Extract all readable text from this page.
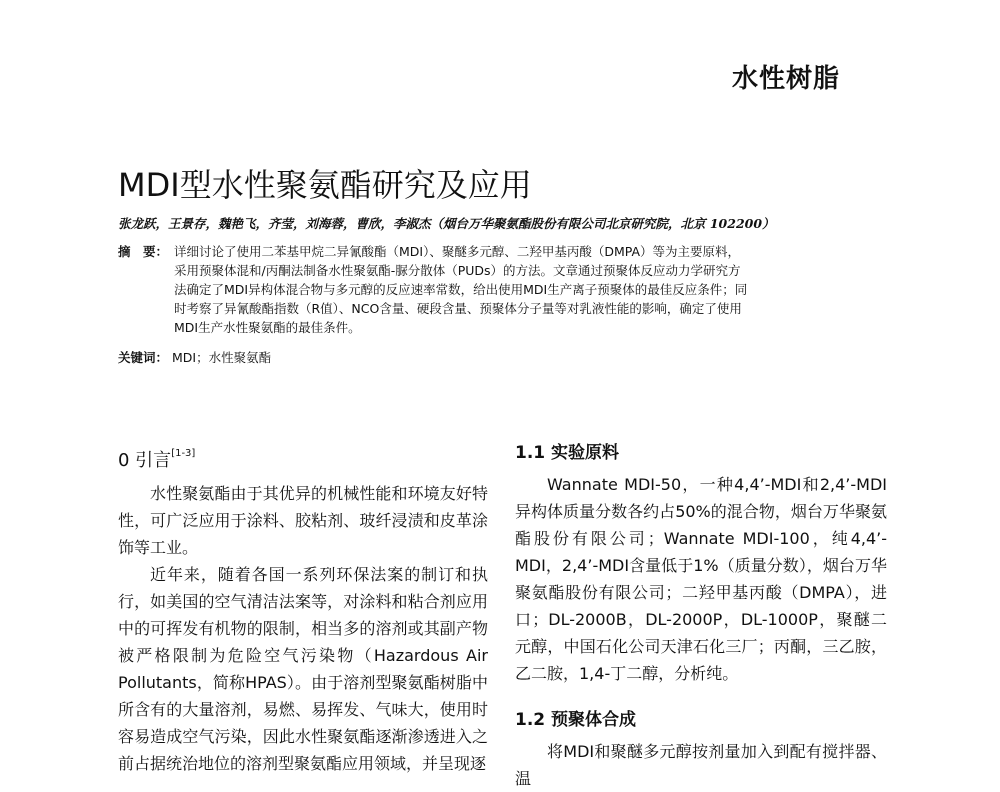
水性树脂
MDI型水性聚氨酯研究及应用
张龙跃，王景存，魏艳飞，齐莹，刘海蓉，曹欣，李淑杰（烟台万华聚氨酯股份有限公司北京研究院，北京 102200）
摘　要： 详细讨论了使用二苯基甲烷二异氰酸酯（MDI）、聚醚多元醇、二羟甲基丙酸（DMPA）等为主要原料，
采用预聚体混和/丙酮法制备水性聚氨酯-脲分散体（PUDs）的方法。文章通过预聚体反应动力学研究方
法确定了MDI异构体混合物与多元醇的反应速率常数，给出使用MDI生产离子预聚体的最佳反应条件；同
时考察了异氰酸酯指数（R值）、NCO含量、硬段含量、预聚体分子量等对乳液性能的影响，确定了使用
MDI生产水性聚氨酯的最佳条件。
关键词： MDI；水性聚氨酯
0 引言[1-3]

水性聚氨酯由于其优异的机械性能和环境友好特性，可广泛应用于涂料、胶粘剂、玻纤浸渍和皮革涂饰等工业。

近年来，随着各国一系列环保法案的制订和执行，如美国的空气清洁法案等，对涂料和粘合剂应用中的可挥发有机物的限制，相当多的溶剂或其副产物被严格限制为危险空气污染物（Hazardous Air Pollutants，简称HPAS）。由于溶剂型聚氨酯树脂中所含有的大量溶剂，易燃、易挥发、气味大，使用时容易造成空气污染，因此水性聚氨酯逐渐渗透进入之前占据统治地位的溶剂型聚氨酯应用领域，并呈现逐

1.1 实验原料

Wannate MDI-50，一种4,4’-MDI和2,4’-MDI异构体质量分数各约占50%的混合物，烟台万华聚氨酯股份有限公司；Wannate MDI-100，纯4,4’-MDI，2,4’-MDI含量低于1%（质量分数），烟台万华聚氨酯股份有限公司；二羟甲基丙酸（DMPA），进口；DL-2000B，DL-2000P，DL-1000P，聚醚二元醇，中国石化公司天津石化三厂；丙酮，三乙胺，乙二胺，1,4-丁二醇，分析纯。

1.2 预聚体合成

将MDI和聚醚多元醇按剂量加入到配有搅拌器、温
